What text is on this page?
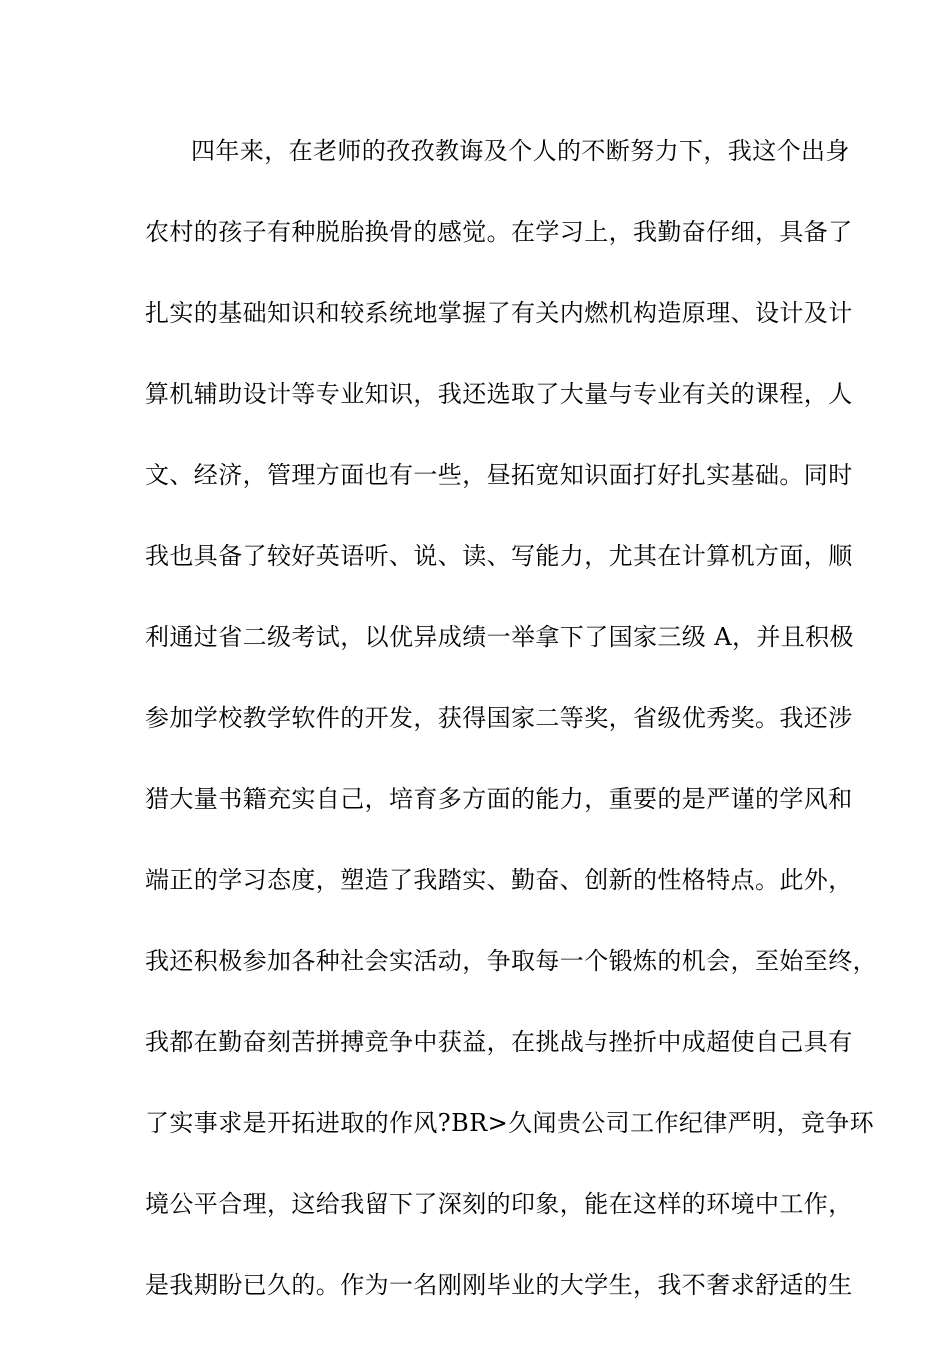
四年来，在老师的孜孜教诲及个人的不断努力下，我这个出身
农村的孩子有种脱胎换骨的感觉。在学习上，我勤奋仔细，具备了
扎实的基础知识和较系统地掌握了有关内燃机构造原理、设计及计
算机辅助设计等专业知识，我还选取了大量与专业有关的课程，人
文、经济，管理方面也有一些，昼拓宽知识面打好扎实基础。同时
我也具备了较好英语听、说、读、写能力，尤其在计算机方面，顺
利通过省二级考试，以优异成绩一举拿下了国家三级 A，并且积极
参加学校教学软件的开发，获得国家二等奖，省级优秀奖。我还涉
猎大量书籍充实自己，培育多方面的能力，重要的是严谨的学风和
端正的学习态度，塑造了我踏实、勤奋、创新的性格特点。此外，
我还积极参加各种社会实活动，争取每一个锻炼的机会，至始至终，
我都在勤奋刻苦拼搏竞争中获益，在挑战与挫折中成超使自己具有
了实事求是开拓进取的作风?BR>久闻贵公司工作纪律严明，竞争环
境公平合理，这给我留下了深刻的印象，能在这样的环境中工作，
是我期盼已久的。作为一名刚刚毕业的大学生，我不奢求舒适的生
